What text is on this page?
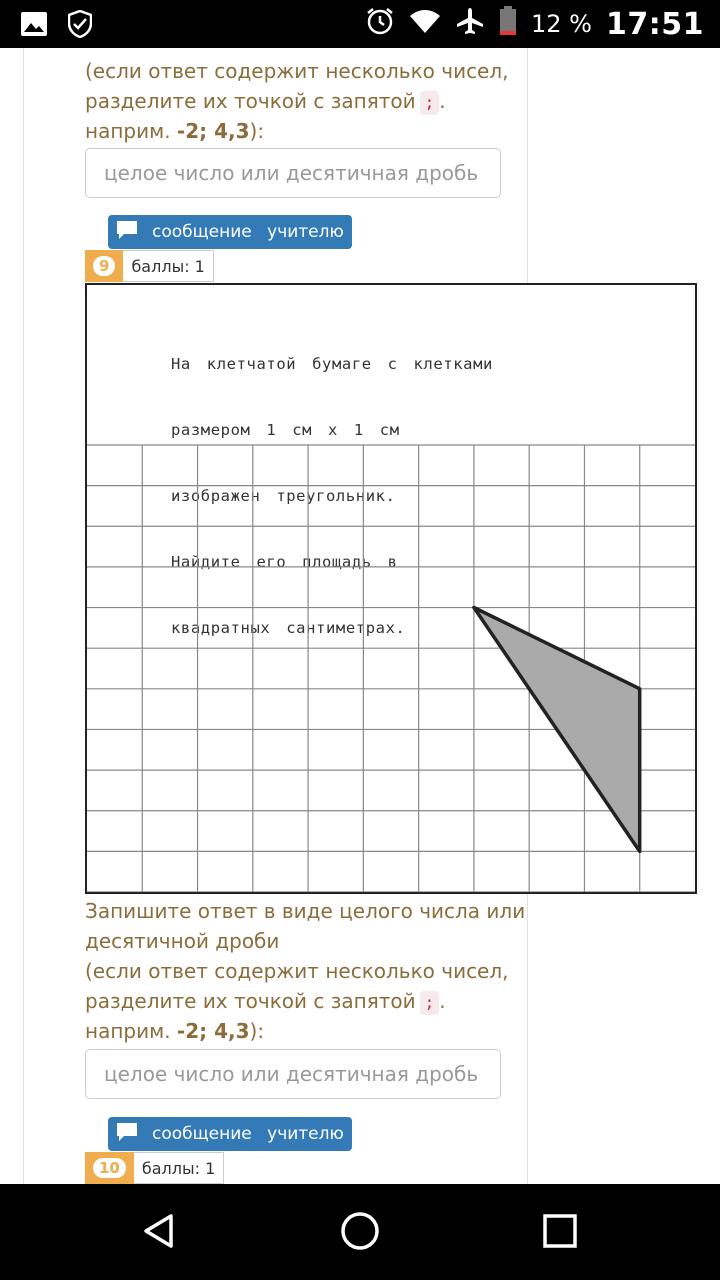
12 % 17:51
(если ответ содержит несколько чисел,
разделите их точкой с запятой ; .
наприм. -2; 4,3):
целое число или десятичная дробь
сообщение учителю
9	баллы: 1

На клетчатой бумаге с клетками

размером 1 см x 1 см

изображен треугольник.

Найдите его площадь в

квадратных сантиметрах.

Запишите ответ в виде целого числа или
десятичной дроби
(если ответ содержит несколько чисел,
разделите их точкой с запятой ; .
наприм. -2; 4,3):
целое число или десятичная дробь
сообщение учителю
10	баллы: 1
